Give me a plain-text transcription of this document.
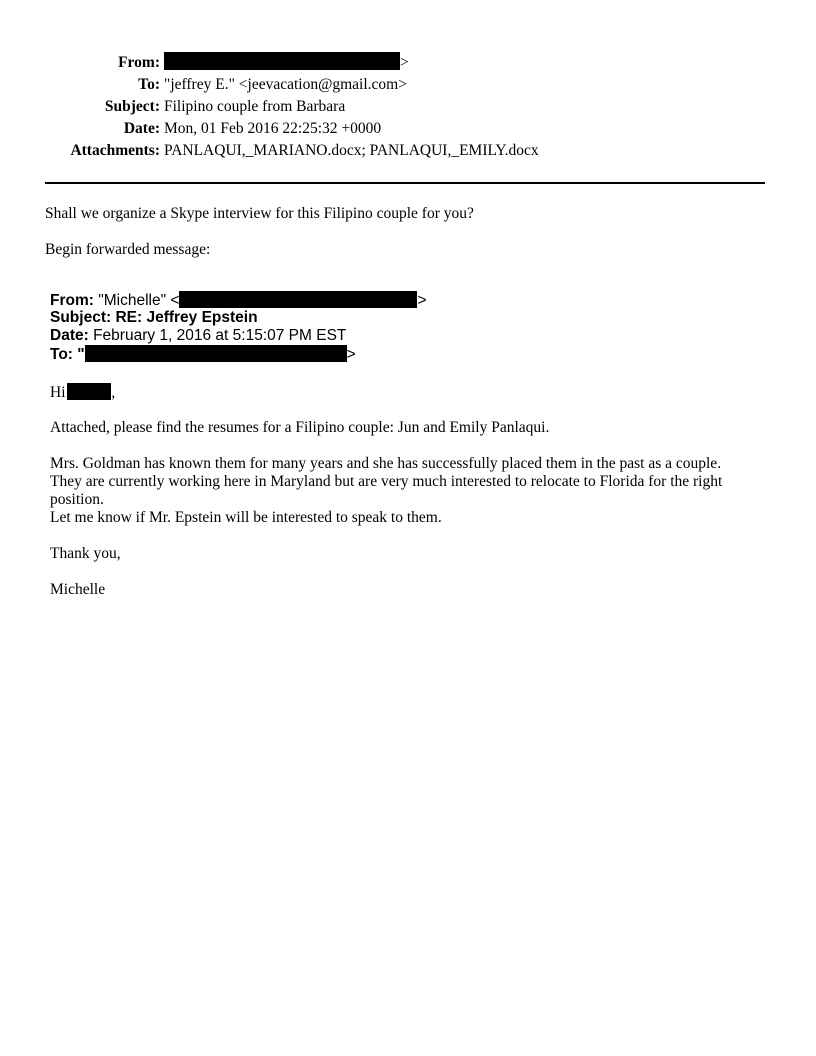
From:	>
To: "jeffrey E." <jeevacation@gmail.com>
Subject: Filipino couple from Barbara
Date: Mon, 01 Feb 2016 22:25:32 +0000
Attachments: PANLAQUI,_MARIANO.docx; PANLAQUI,_EMILY.docx
Shall we organize a Skype interview for this Filipino couple for you?
Begin forwarded message:
From: "Michelle" <	>
Subject: RE: Jeffrey Epstein
Date: February 1, 2016 at 5:15:07 PM EST
To: "	>
Hi	,
Attached, please find the resumes for a Filipino couple: Jun and Emily Panlaqui.
Mrs. Goldman has known them for many years and she has successfully placed them in the past as a couple.
They are currently working here in Maryland but are very much interested to relocate to Florida for the right
position.
Let me know if Mr. Epstein will be interested to speak to them.
Thank you,
Michelle
